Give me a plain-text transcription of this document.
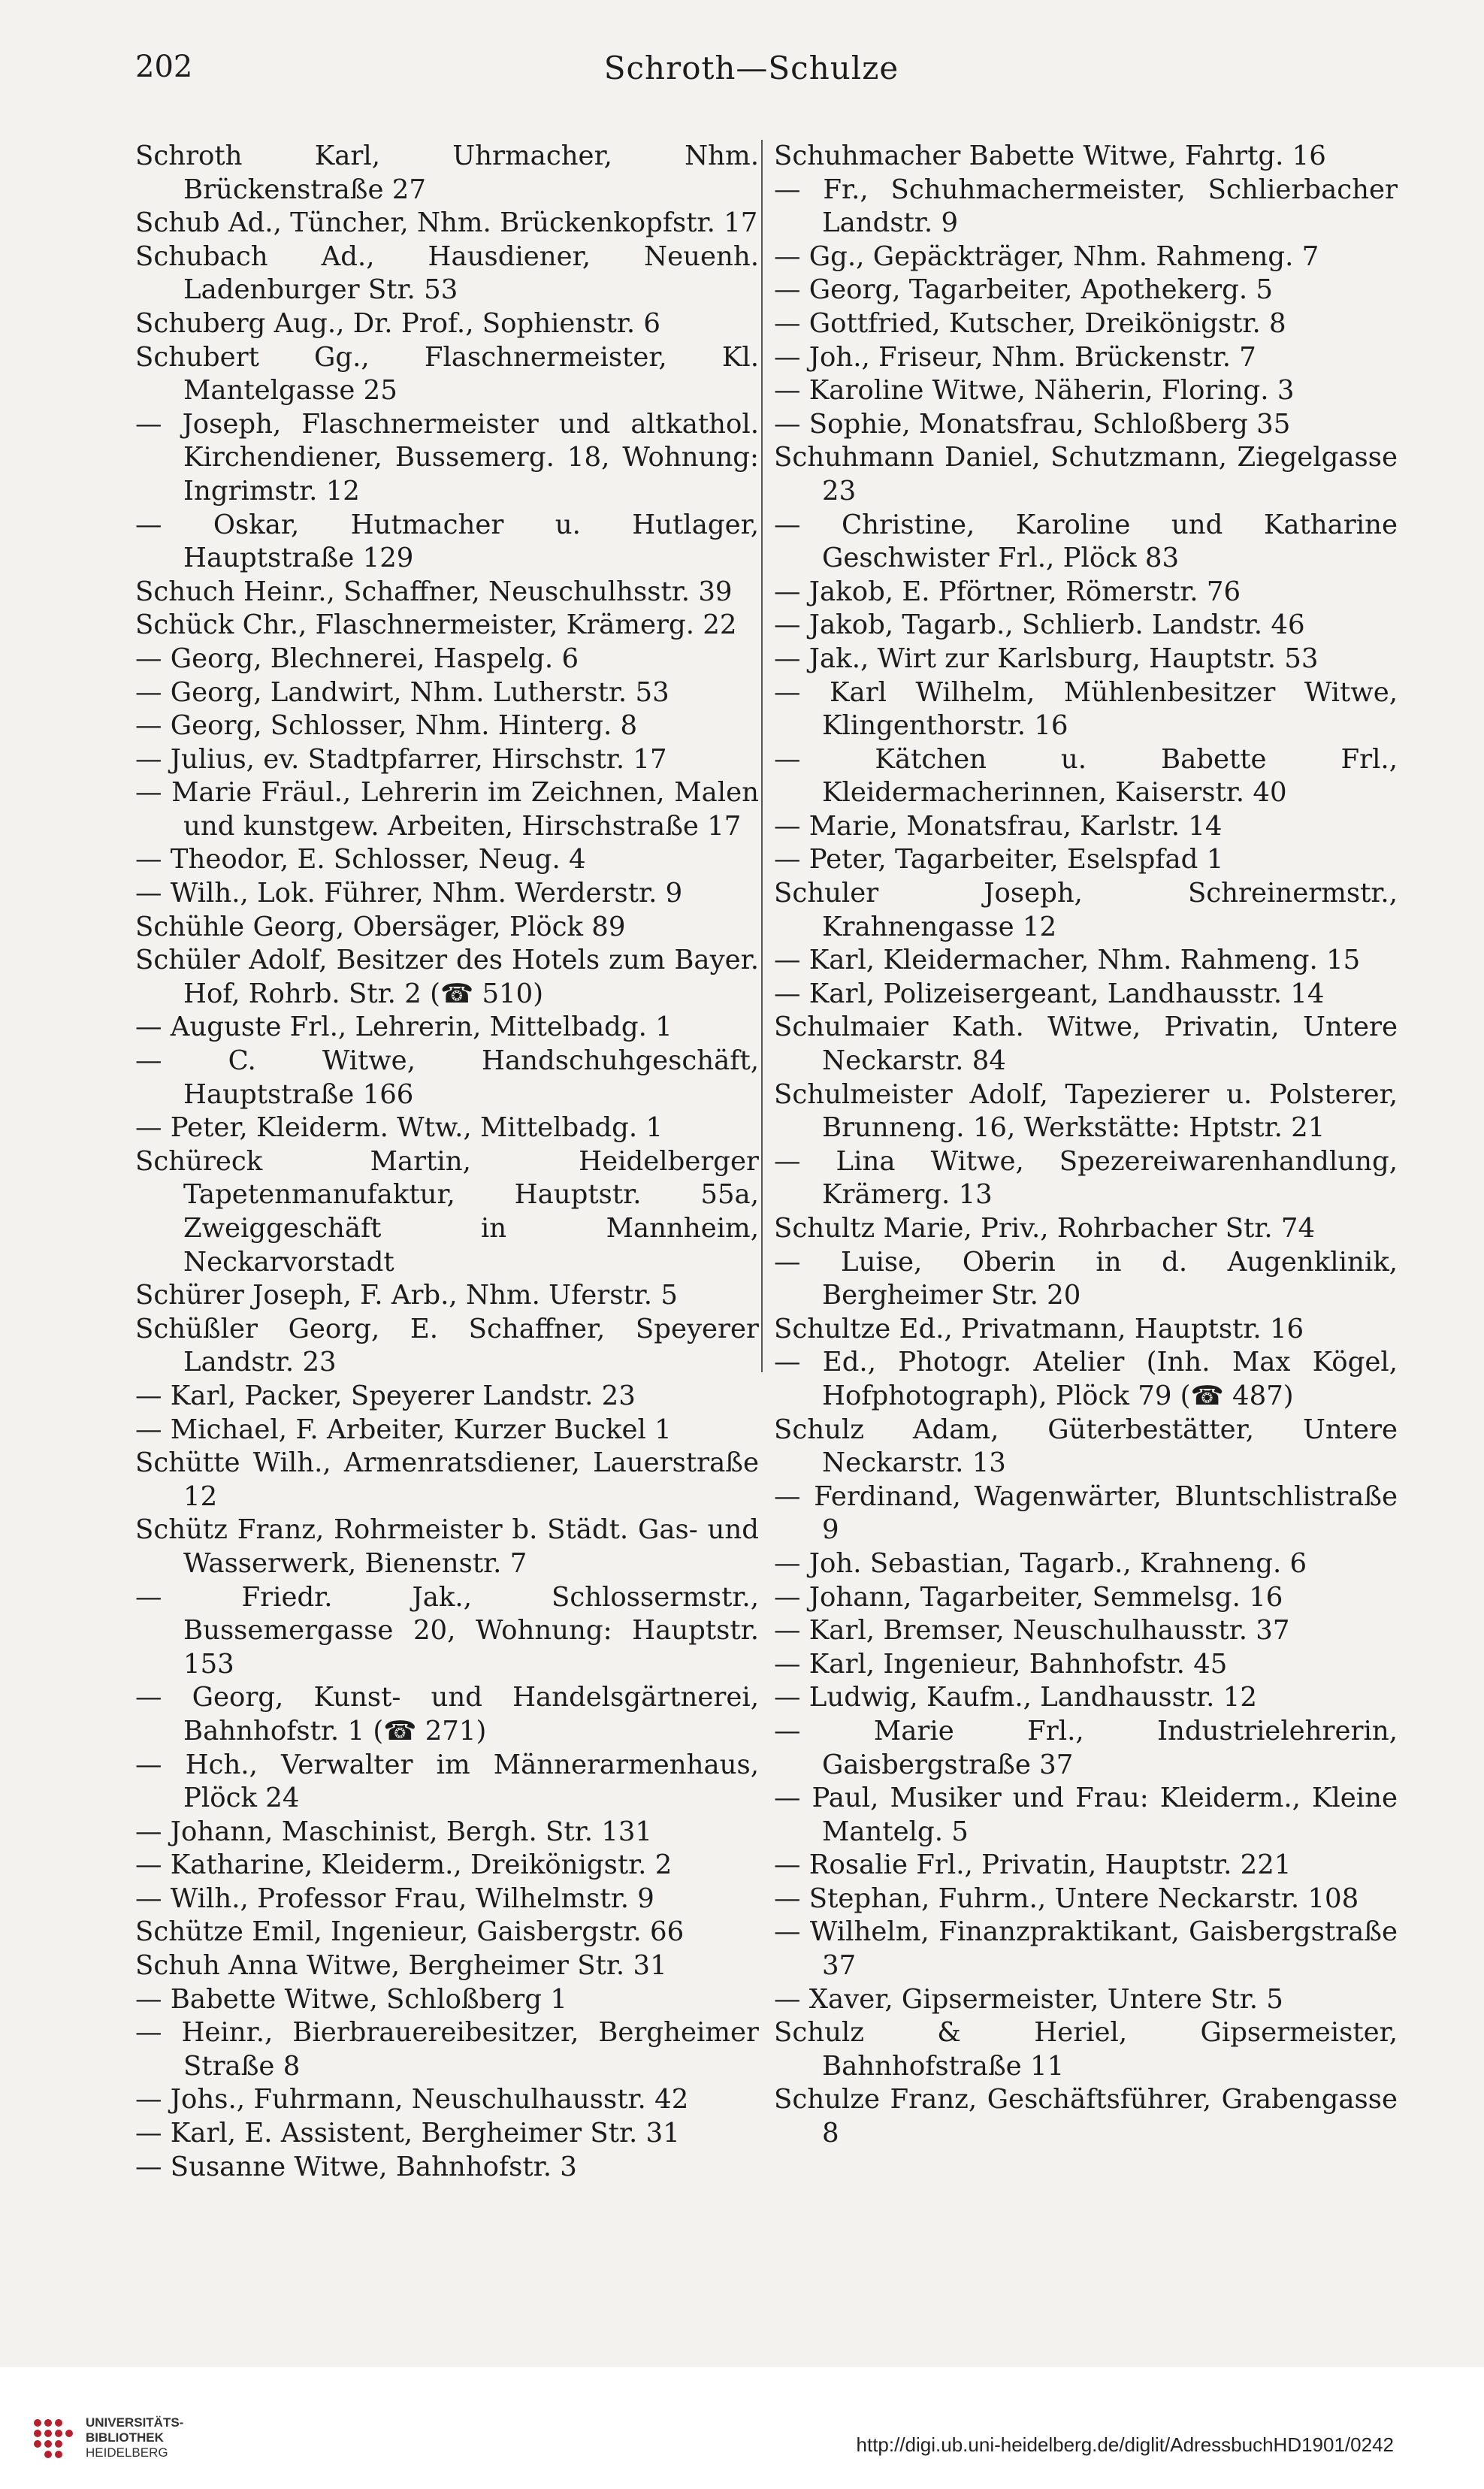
202	Schroth—Schulze

Schroth Karl, Uhrmacher, Nhm. Brückenstraße 27

Schub Ad., Tüncher, Nhm. Brückenkopfstr. 17

Schubach Ad., Hausdiener, Neuenh. Ladenburger Str. 53

Schuberg Aug., Dr. Prof., Sophienstr. 6

Schubert Gg., Flaschnermeister, Kl. Mantelgasse 25

— Joseph, Flaschnermeister und altkathol. Kirchendiener, Bussemerg. 18, Wohnung: Ingrimstr. 12

— Oskar, Hutmacher u. Hutlager, Hauptstraße 129

Schuch Heinr., Schaffner, Neuschulhsstr. 39

Schück Chr., Flaschnermeister, Krämerg. 22

— Georg, Blechnerei, Haspelg. 6

— Georg, Landwirt, Nhm. Lutherstr. 53

— Georg, Schlosser, Nhm. Hinterg. 8

— Julius, ev. Stadtpfarrer, Hirschstr. 17

— Marie Fräul., Lehrerin im Zeichnen, Malen und kunstgew. Arbeiten, Hirschstraße 17

— Theodor, E. Schlosser, Neug. 4

— Wilh., Lok. Führer, Nhm. Werderstr. 9

Schühle Georg, Obersäger, Plöck 89

Schüler Adolf, Besitzer des Hotels zum Bayer. Hof, Rohrb. Str. 2 (☎ 510)

— Auguste Frl., Lehrerin, Mittelbadg. 1

— C. Witwe, Handschuhgeschäft, Hauptstraße 166

— Peter, Kleiderm. Wtw., Mittelbadg. 1

Schüreck Martin, Heidelberger Tapetenmanufaktur, Hauptstr. 55a, Zweiggeschäft in Mannheim, Neckarvorstadt

Schürer Joseph, F. Arb., Nhm. Uferstr. 5

Schüßler Georg, E. Schaffner, Speyerer Landstr. 23

— Karl, Packer, Speyerer Landstr. 23

— Michael, F. Arbeiter, Kurzer Buckel 1

Schütte Wilh., Armenratsdiener, Lauerstraße 12

Schütz Franz, Rohrmeister b. Städt. Gas- und Wasserwerk, Bienenstr. 7

— Friedr. Jak., Schlossermstr., Bussemergasse 20, Wohnung: Hauptstr. 153

— Georg, Kunst- und Handelsgärtnerei, Bahnhofstr. 1 (☎ 271)

— Hch., Verwalter im Männerarmenhaus, Plöck 24

— Johann, Maschinist, Bergh. Str. 131

— Katharine, Kleiderm., Dreikönigstr. 2

— Wilh., Professor Frau, Wilhelmstr. 9

Schütze Emil, Ingenieur, Gaisbergstr. 66

Schuh Anna Witwe, Bergheimer Str. 31

— Babette Witwe, Schloßberg 1

— Heinr., Bierbrauereibesitzer, Bergheimer Straße 8

— Johs., Fuhrmann, Neuschulhausstr. 42

— Karl, E. Assistent, Bergheimer Str. 31

— Susanne Witwe, Bahnhofstr. 3

Schuhmacher Babette Witwe, Fahrtg. 16

— Fr., Schuhmachermeister, Schlierbacher Landstr. 9

— Gg., Gepäckträger, Nhm. Rahmeng. 7

— Georg, Tagarbeiter, Apothekerg. 5

— Gottfried, Kutscher, Dreikönigstr. 8

— Joh., Friseur, Nhm. Brückenstr. 7

— Karoline Witwe, Näherin, Floring. 3

— Sophie, Monatsfrau, Schloßberg 35

Schuhmann Daniel, Schutzmann, Ziegelgasse 23

— Christine, Karoline und Katharine Geschwister Frl., Plöck 83

— Jakob, E. Pförtner, Römerstr. 76

— Jakob, Tagarb., Schlierb. Landstr. 46

— Jak., Wirt zur Karlsburg, Hauptstr. 53

— Karl Wilhelm, Mühlenbesitzer Witwe, Klingenthorstr. 16

— Kätchen u. Babette Frl., Kleidermacherinnen, Kaiserstr. 40

— Marie, Monatsfrau, Karlstr. 14

— Peter, Tagarbeiter, Eselspfad 1

Schuler Joseph, Schreinermstr., Krahnengasse 12

— Karl, Kleidermacher, Nhm. Rahmeng. 15

— Karl, Polizeisergeant, Landhausstr. 14

Schulmaier Kath. Witwe, Privatin, Untere Neckarstr. 84

Schulmeister Adolf, Tapezierer u. Polsterer, Brunneng. 16, Werkstätte: Hptstr. 21

— Lina Witwe, Spezereiwarenhandlung, Krämerg. 13

Schultz Marie, Priv., Rohrbacher Str. 74

— Luise, Oberin in d. Augenklinik, Bergheimer Str. 20

Schultze Ed., Privatmann, Hauptstr. 16

— Ed., Photogr. Atelier (Inh. Max Kögel, Hofphotograph), Plöck 79 (☎ 487)

Schulz Adam, Güterbestätter, Untere Neckarstr. 13

— Ferdinand, Wagenwärter, Bluntschlistraße 9

— Joh. Sebastian, Tagarb., Krahneng. 6

— Johann, Tagarbeiter, Semmelsg. 16

— Karl, Bremser, Neuschulhausstr. 37

— Karl, Ingenieur, Bahnhofstr. 45

— Ludwig, Kaufm., Landhausstr. 12

— Marie Frl., Industrielehrerin, Gaisbergstraße 37

— Paul, Musiker und Frau: Kleiderm., Kleine Mantelg. 5

— Rosalie Frl., Privatin, Hauptstr. 221

— Stephan, Fuhrm., Untere Neckarstr. 108

— Wilhelm, Finanzpraktikant, Gaisbergstraße 37

— Xaver, Gipsermeister, Untere Str. 5

Schulz & Heriel, Gipsermeister, Bahnhofstraße 11

Schulze Franz, Geschäftsführer, Grabengasse 8

UNIVERSITÄTS-
BIBLIOTHEK
HEIDELBERG	http://digi.ub.uni-heidelberg.de/diglit/AdressbuchHD1901/0242
